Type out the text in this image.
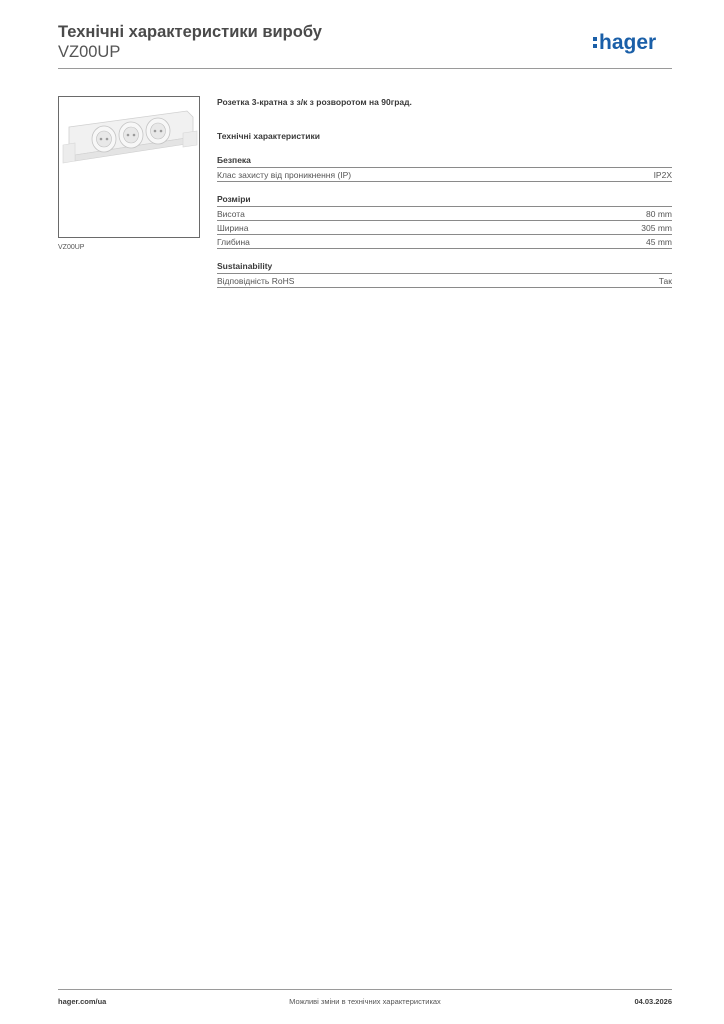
Технічні характеристики виробу
VZ00UP	hager
VZ00UP
Розетка 3-кратна з з/к з розворотом на 90град.
Технічні характеристики
Безпека
Клас захисту від проникнення (IP)	IP2X
Розміри
Висота	80 mm
Ширина	305 mm
Глибина	45 mm
Sustainability
Відповідність RoHS	Так
Можливі зміни в технічних характеристиках
hager.com/ua	04.03.2026
